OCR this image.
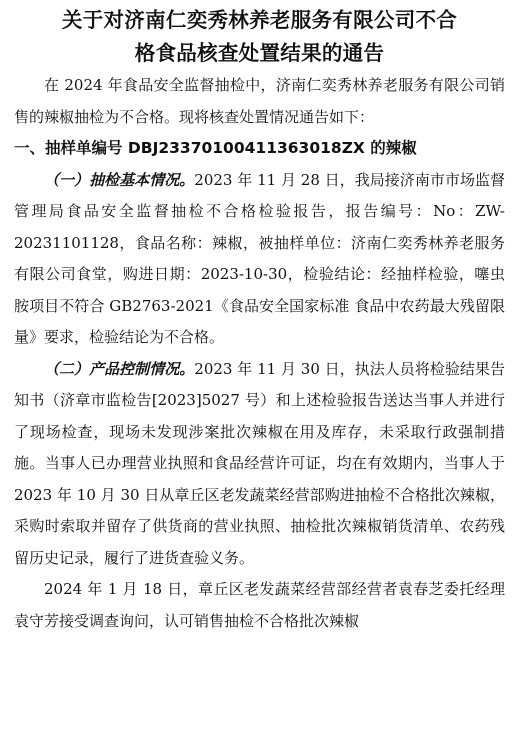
关于对济南仁奕秀林养老服务有限公司不合
格食品核查处置结果的通告

在 2024 年食品安全监督抽检中，济南仁奕秀林养老服务有限公司销售的辣椒抽检为不合格。现将核查处置情况通告如下：

一、抽样单编号 DBJ23370100411363018ZX 的辣椒

（一）抽检基本情况。2023 年 11 月 28 日，我局接济南市市场监督管理局食品安全监督抽检不合格检验报告，报告编号：No：ZW-20231101128，食品名称：辣椒，被抽样单位：济南仁奕秀林养老服务有限公司食堂，购进日期：2023-10-30，检验结论：经抽样检验，噻虫胺项目不符合 GB2763-2021《食品安全国家标准 食品中农药最大残留限量》要求，检验结论为不合格。

（二）产品控制情况。2023 年 11 月 30 日，执法人员将检验结果告知书（济章市监检告[2023]5027 号）和上述检验报告送达当事人并进行了现场检查，现场未发现涉案批次辣椒在用及库存，未采取行政强制措施。当事人已办理营业执照和食品经营许可证，均在有效期内，当事人于 2023 年 10 月 30 日从章丘区老发蔬菜经营部购进抽检不合格批次辣椒，采购时索取并留存了供货商的营业执照、抽检批次辣椒销货清单、农药残留历史记录，履行了进货查验义务。

2024 年 1 月 18 日，章丘区老发蔬菜经营部经营者袁春芝委托经理袁守芳接受调查询问，认可销售抽检不合格批次辣椒
